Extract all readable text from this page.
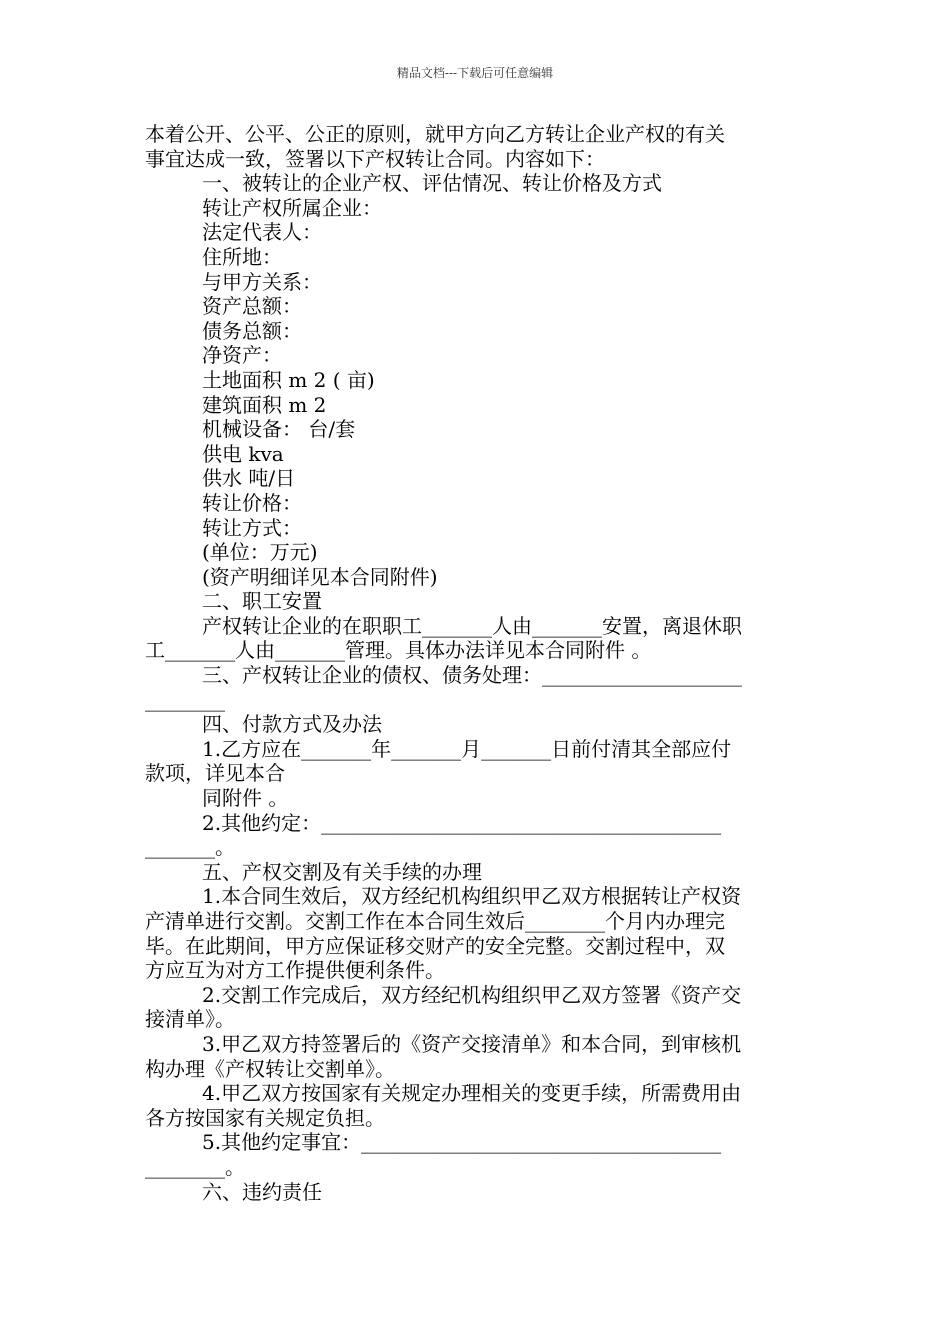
精品文档---下载后可任意编辑
本着公开、公平、公正的原则，就甲方向乙方转让企业产权的有关
事宜达成一致，签署以下产权转让合同。内容如下：
一、被转让的企业产权、评估情况、转让价格及方式
转让产权所属企业：
法定代表人：
住所地：
与甲方关系：
资产总额：
债务总额：
净资产：
土地面积 m 2 ( 亩)
建筑面积 m 2
机械设备： 台/套
供电 kva
供水 吨/日
转让价格：
转让方式：
(单位：万元)
(资产明细详见本合同附件)
二、职工安置
产权转让企业的在职职工_______人由_______安置，离退休职
工_______人由_______管理。具体办法详见本合同附件 。
三、产权转让企业的债权、债务处理：____________________
________
四、付款方式及办法
1.乙方应在_______年_______月_______日前付清其全部应付
款项，详见本合
同附件 。
2.其他约定：________________________________________
_______。
五、产权交割及有关手续的办理
1.本合同生效后，双方经纪机构组织甲乙双方根据转让产权资
产清单进行交割。交割工作在本合同生效后________个月内办理完
毕。在此期间，甲方应保证移交财产的安全完整。交割过程中，双
方应互为对方工作提供便利条件。
2.交割工作完成后，双方经纪机构组织甲乙双方签署《资产交
接清单》。
3.甲乙双方持签署后的《资产交接清单》和本合同，到审核机
构办理《产权转让交割单》。
4.甲乙双方按国家有关规定办理相关的变更手续，所需费用由
各方按国家有关规定负担。
5.其他约定事宜：____________________________________
________。
六、违约责任
